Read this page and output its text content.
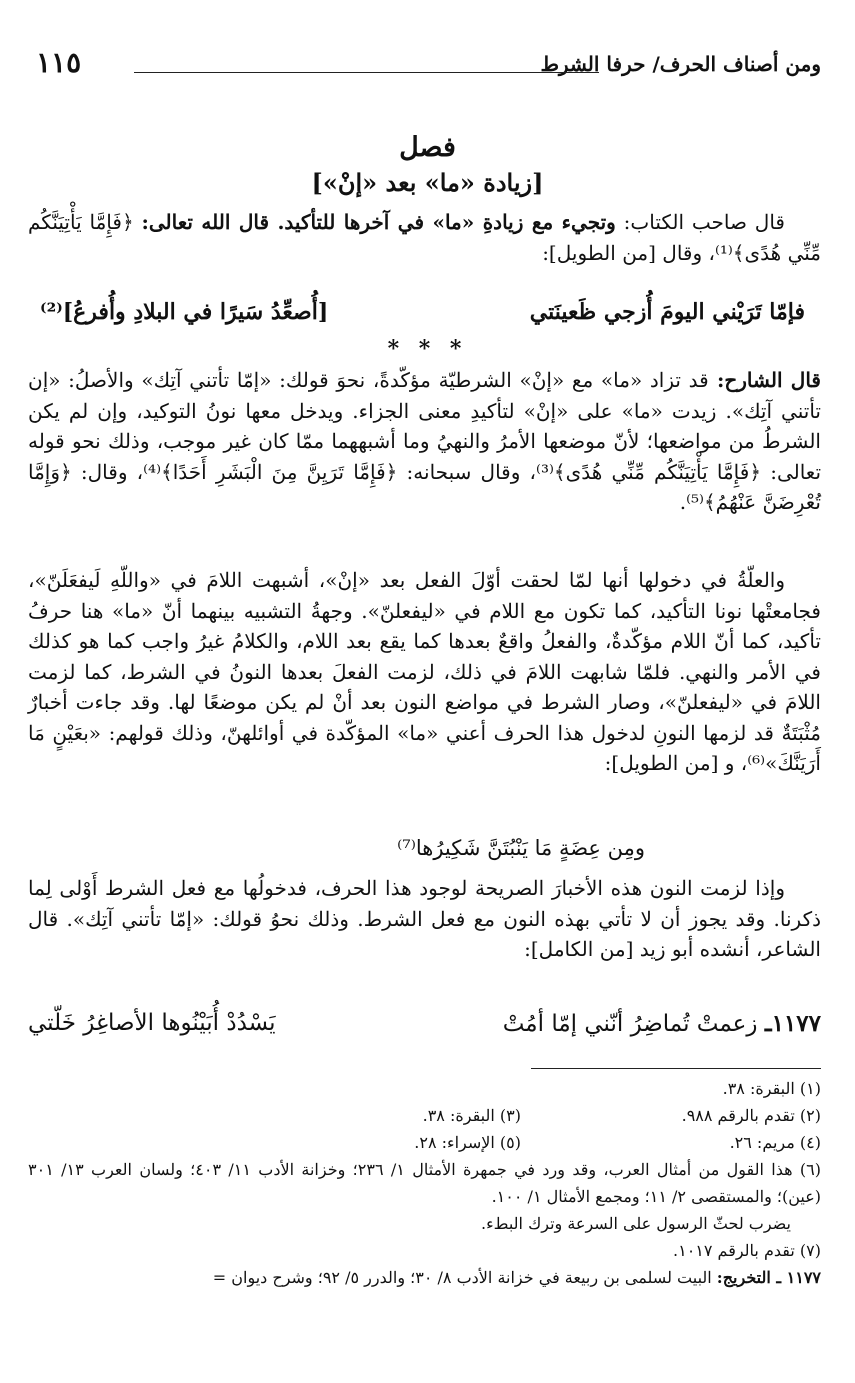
ومن أصناف الحرف/ حرفا الشرط
١١٥
فصل
[زيادة «ما» بعد «إنْ»]
قال صاحب الكتاب: وتجيء مع زيادةِ «ما» في آخرها للتأكيد. قال الله تعالى: ﴿فَإِمَّا يَأْتِيَنَّكُم مِّنِّي هُدًى﴾⁽¹⁾، وقال [من الطويل]:
فإمّا تَرَيْني اليومَ أُزجي ظَعينَتي
[أُصعِّدُ سَيرًا في البلادِ وأُفرعُ]⁽²⁾
* * *
قال الشارح: قد تزاد «ما» مع «إنْ» الشرطيّة مؤكّدةً، نحوَ قولك: «إمّا تأتني آتِك» والأصلُ: «إن تأتني آتِك». زيدت «ما» على «إنْ» لتأكيدِ معنى الجزاء. ويدخل معها نونُ التوكيد، وإن لم يكن الشرطُ من مواضعها؛ لأنّ موضعها الأمرُ والنهيُ وما أشبههما ممّا كان غير موجب، وذلك نحو قوله تعالى: ﴿فَإِمَّا يَأْتِيَنَّكُم مِّنِّي هُدًى﴾⁽³⁾، وقال سبحانه: ﴿فَإِمَّا تَرَيِنَّ مِنَ الْبَشَرِ أَحَدًا﴾⁽⁴⁾، وقال: ﴿وَإِمَّا تُعْرِضَنَّ عَنْهُمُ﴾⁽⁵⁾.
والعلّةُ في دخولها أنها لمّا لحقت أوّلَ الفعل بعد «إنْ»، أشبهت اللامَ في «واللّهِ لَيفعَلَنّ»، فجامعتْها نونا التأكيد، كما تكون مع اللام في «ليفعلنّ». وجهةُ التشبيه بينهما أنّ «ما» هنا حرفُ تأكيد، كما أنّ اللام مؤكّدةٌ، والفعلُ واقعٌ بعدها كما يقع بعد اللام، والكلامُ غيرُ واجب كما هو كذلك في الأمر والنهي. فلمّا شابهت اللامَ في ذلك، لزمت الفعلَ بعدها النونُ في الشرط، كما لزمت اللامَ في «ليفعلنّ»، وصار الشرط في مواضع النون بعد أنْ لم يكن موضعًا لها. وقد جاءت أخبارٌ مُثْبَتَةٌ قد لزمها النونِ لدخول هذا الحرف أعني «ما» المؤكّدة في أوائلهنّ، وذلك قولهم: «بعَيْنٍ مَا أَرَيَنَّكَ»⁽⁶⁾، و [من الطويل]:
ومِن عِضَةٍ مَا يَنْبُتَنَّ شَكِيرُها⁽⁷⁾
وإذا لزمت النون هذه الأخبارَ الصريحة لوجود هذا الحرف، فدخولُها مع فعل الشرط أَوْلى لِما ذكرنا. وقد يجوز أن لا تأتي بهذه النون مع فعل الشرط. وذلك نحوُ قولك: «إمّا تأتني آتِك». قال الشاعر، أنشده أبو زيد [من الكامل]:
١١٧٧ـ زعمتْ تُماضِرُ أنّني إمّا أمُتْ
يَسْدُدْ أُبَيْنُوها الأصاغِرُ خَلّتي
(١) البقرة: ٣٨.
(٢) تقدم بالرقم ٩٨٨.
(٣) البقرة: ٣٨.
(٤) مريم: ٢٦.
(٥) الإسراء: ٢٨.
(٦) هذا القول من أمثال العرب، وقد ورد في جمهرة الأمثال ١/ ٢٣٦؛ وخزانة الأدب ١١/ ٤٠٣؛ ولسان العرب ١٣/ ٣٠١ (عين)؛ والمستقصى ٢/ ١١؛ ومجمع الأمثال ١/ ١٠٠.
يضرب لحثّ الرسول على السرعة وترك البطء.
(٧) تقدم بالرقم ١٠١٧.
١١٧٧ ـ التخريج: البيت لسلمى بن ربيعة في خزانة الأدب ٨/ ٣٠؛ والدرر ٥/ ٩٢؛ وشرح ديوان =
